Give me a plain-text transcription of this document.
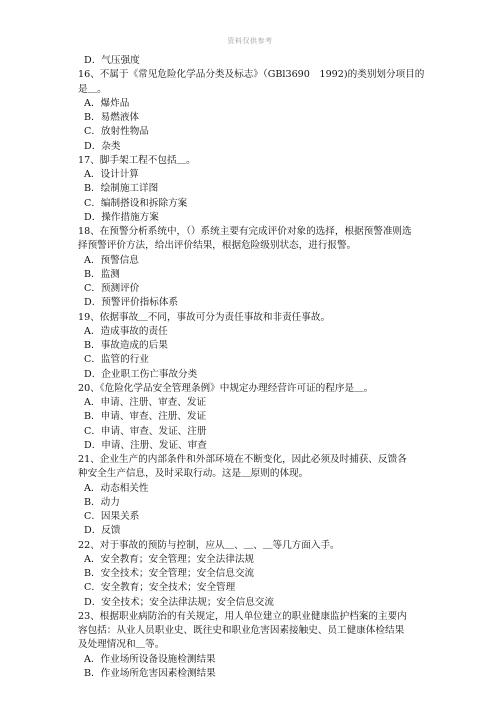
资料仅供参考
D．气压强度
16、不属于《常见危险化学品分类及标志》（GBl3690　1992)的类别划分项目的
是＿。
A．爆炸品
B．易燃液体
C．放射性物品
D．杂类
17、脚手架工程不包括＿。
A．设计计算
B．绘制施工详图
C．编制搭设和拆除方案
D．操作措施方案
18、在预警分析系统中，（）系统主要有完成评价对象的选择，根据预警准则选
择预警评价方法，给出评价结果，根据危险级别状态，进行报警。
A．预警信息
B．监测
C．预测评价
D．预警评价指标体系
19、依据事故＿不同，事故可分为责任事故和非责任事故。
A．造成事故的责任
B．事故造成的后果
C．监管的行业
D．企业职工伤亡事故分类
20、《危险化学品安全管理条例》中规定办理经营许可证的程序是＿。
A．申请、注册、审查、发证
B．申请、审查、注册、发证
C．申请、审查、发证、注册
D．申请、注册、发证、审查
21、企业生产的内部条件和外部环境在不断变化，因此必须及时捕获、反馈各
种安全生产信息，及时采取行动。这是＿原则的体现。
A．动态相关性
B．动力
C．因果关系
D．反馈
22、对于事故的预防与控制，应从＿、＿、＿等几方面入手。
A．安全教育；安全管理；安全法律法规
B．安全技术；安全管理；安全信息交流
C．安全教育；安全技术；安全管理
D．安全技术；安全法律法规；安全信息交流
23、根据职业病防治的有关规定，用人单位建立的职业健康监护档案的主要内
容包括：从业人员职业史、既往史和职业危害因素接触史、员工健康体检结果
及处理情况和＿等。
A．作业场所设备设施检测结果
B．作业场所危害因素检测结果
